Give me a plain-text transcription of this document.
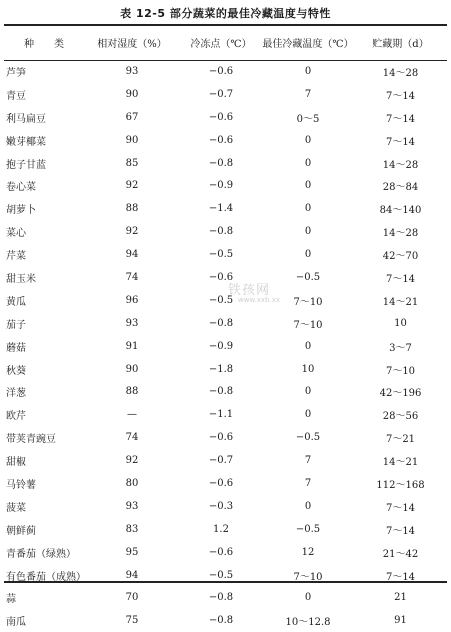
表 12-5 部分蔬菜的最佳冷藏温度与特性
种　　类	相对湿度（%）	冷冻点（℃）	最佳冷藏温度（℃）	贮藏期（d）
芦笋	93	−0.6	0	14～28
青豆	90	−0.7	7	7～14
利马扁豆	67	−0.6	0～5	7～14
嫩芽椰菜	90	−0.6	0	7～14
抱子甘蓝	85	−0.8	0	14～28
卷心菜	92	−0.9	0	28～84
胡萝卜	88	−1.4	0	84～140
菜心	92	−0.8	0	14～28
芹菜	94	−0.5	0	42～70
甜玉米	74	−0.6	−0.5	7～14
黄瓜	96	−0.5	7～10	14～21
茄子	93	−0.8	7～10	10
蘑菇	91	−0.9	0	3～7
秋葵	90	−1.8	10	7～10
洋葱	88	−0.8	0	42～196
欧芹	—	−1.1	0	28～56
带荚青豌豆	74	−0.6	−0.5	7～21
甜椒	92	−0.7	7	14～21
马铃薯	80	−0.6	7	112～168
菠菜	93	−0.3	0	7～14
朝鲜蓟	83	1.2	−0.5	7～14
青番茄（绿熟）	95	−0.6	12	21～42
有色番茄（成熟）	94	−0.5	7～10	7～14
蒜	70	−0.8	0	21
南瓜	75	−0.8	10～12.8	91
铁孩网
www.xxb.xx
